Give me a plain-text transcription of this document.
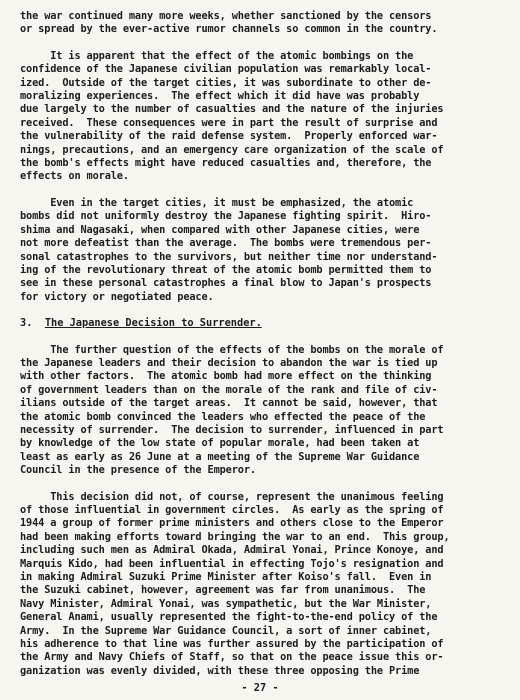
the war continued many more weeks, whether sanctioned by the censors
or spread by the ever-active rumor channels so common in the country.
It is apparent that the effect of the atomic bombings on the
confidence of the Japanese civilian population was remarkably local-
ized.  Outside of the target cities, it was subordinate to other de-
moralizing experiences.  The effect which it did have was probably
due largely to the number of casualties and the nature of the injuries
received.  These consequences were in part the result of surprise and
the vulnerability of the raid defense system.  Properly enforced war-
nings, precautions, and an emergency care organization of the scale of
the bomb's effects might have reduced casualties and, therefore, the
effects on morale.
Even in the target cities, it must be emphasized, the atomic
bombs did not uniformly destroy the Japanese fighting spirit.  Hiro-
shima and Nagasaki, when compared with other Japanese cities, were
not more defeatist than the average.  The bombs were tremendous per-
sonal catastrophes to the survivors, but neither time nor understand-
ing of the revolutionary threat of the atomic bomb permitted them to
see in these personal catastrophes a final blow to Japan's prospects
for victory or negotiated peace.
3. The Japanese Decision to Surrender.
The further question of the effects of the bombs on the morale of
the Japanese leaders and their decision to abandon the war is tied up
with other factors.  The atomic bomb had more effect on the thinking
of government leaders than on the morale of the rank and file of civ-
ilians outside of the target areas.  It cannot be said, however, that
the atomic bomb convinced the leaders who effected the peace of the
necessity of surrender.  The decision to surrender, influenced in part
by knowledge of the low state of popular morale, had been taken at
least as early as 26 June at a meeting of the Supreme War Guidance
Council in the presence of the Emperor.
This decision did not, of course, represent the unanimous feeling
of those influential in government circles.  As early as the spring of
1944 a group of former prime ministers and others close to the Emperor
had been making efforts toward bringing the war to an end.  This group,
including such men as Admiral Okada, Admiral Yonai, Prince Konoye, and
Marquis Kido, had been influential in effecting Tojo's resignation and
in making Admiral Suzuki Prime Minister after Koiso's fall.  Even in
the Suzuki cabinet, however, agreement was far from unanimous.  The
Navy Minister, Admiral Yonai, was sympathetic, but the War Minister,
General Anami, usually represented the fight-to-the-end policy of the
Army.  In the Supreme War Guidance Council, a sort of inner cabinet,
his adherence to that line was further assured by the participation of
the Army and Navy Chiefs of Staff, so that on the peace issue this or-
ganization was evenly divided, with these three opposing the Prime
- 27 -
